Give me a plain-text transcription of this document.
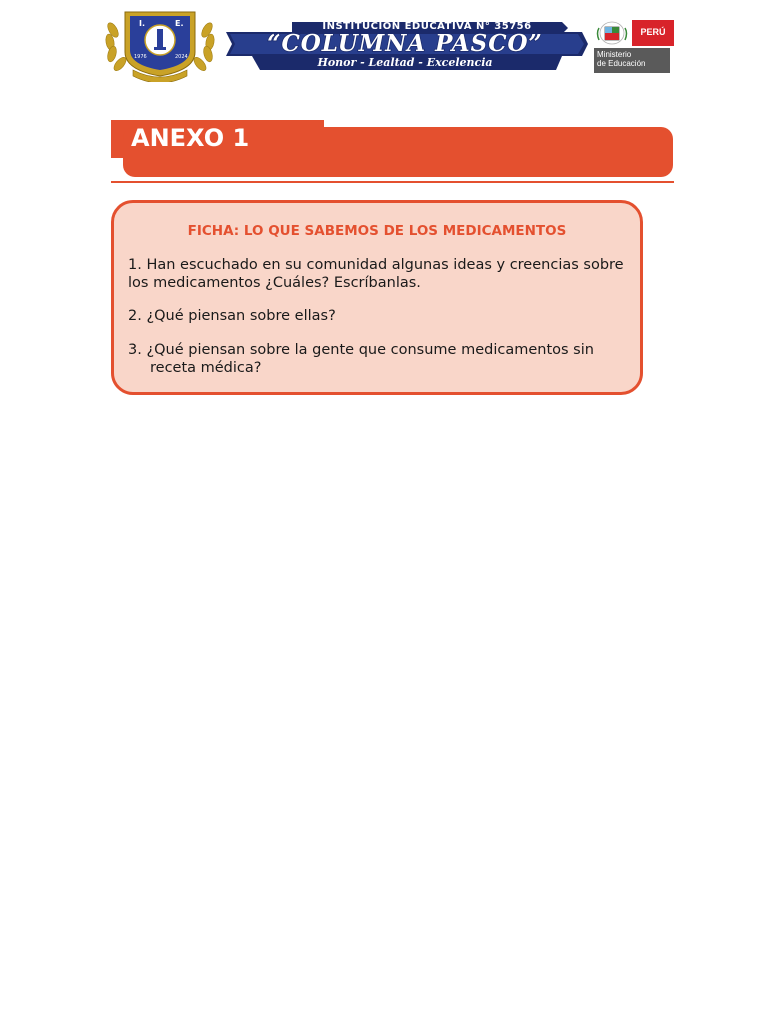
I.	E.
1976	2024
INSTITUCIÓN EDUCATIVA N° 35756
“COLUMNA PASCO”
Honor - Lealtad - Excelencia
PERÚ
Ministerio
de Educación
ANEXO 1
FICHA: LO QUE SABEMOS DE LOS MEDICAMENTOS
1. Han escuchado en su comunidad algunas ideas y creencias sobre los medicamentos ¿Cuáles? Escríbanlas.
2. ¿Qué piensan sobre ellas?
3. ¿Qué piensan sobre la gente que consume medicamentos sin
receta médica?
